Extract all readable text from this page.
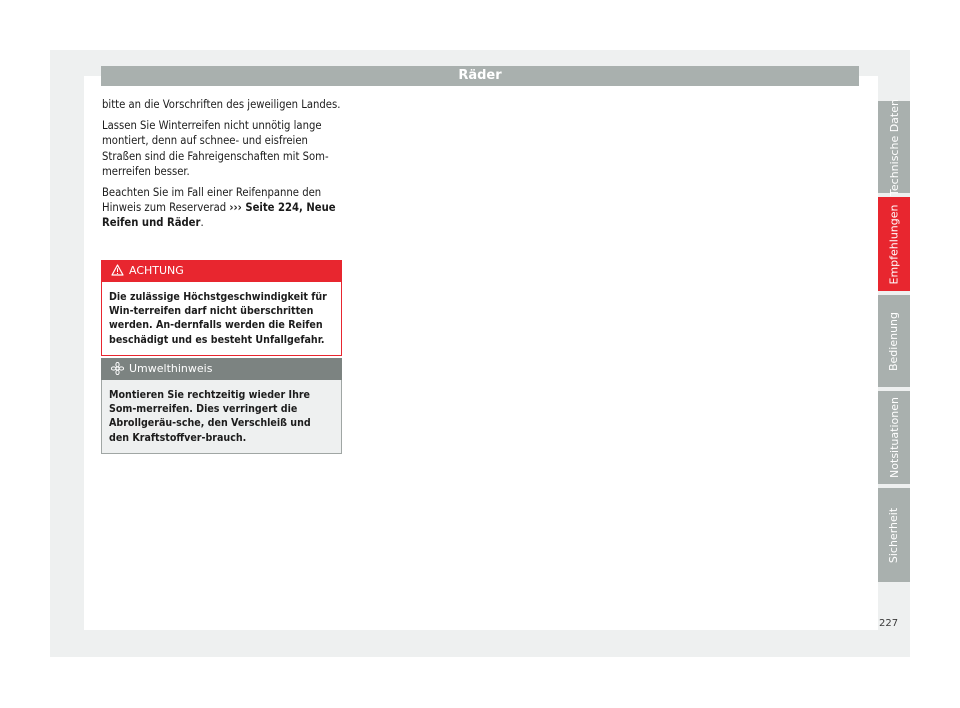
Räder

bitte an die Vorschriften des jeweiligen Landes.

Lassen Sie Winterreifen nicht unnötig lange montiert, denn auf schnee- und eisfreien Straßen sind die Fahreigenschaften mit Som-merreifen besser.

Beachten Sie im Fall einer Reifenpanne den Hinweis zum Reserverad ››› Seite 224, Neue Reifen und Räder.

ACHTUNG
Die zulässige Höchstgeschwindigkeit für Win-terreifen darf nicht überschritten werden. An-dernfalls werden die Reifen beschädigt und es besteht Unfallgefahr.
Umwelthinweis
Montieren Sie rechtzeitig wieder Ihre Som-merreifen. Dies verringert die Abrollgeräu-sche, den Verschleiß und den Kraftstoffver-brauch.
Technische Daten
Empfehlungen
Bedienung
Notsituationen
Sicherheit
227
